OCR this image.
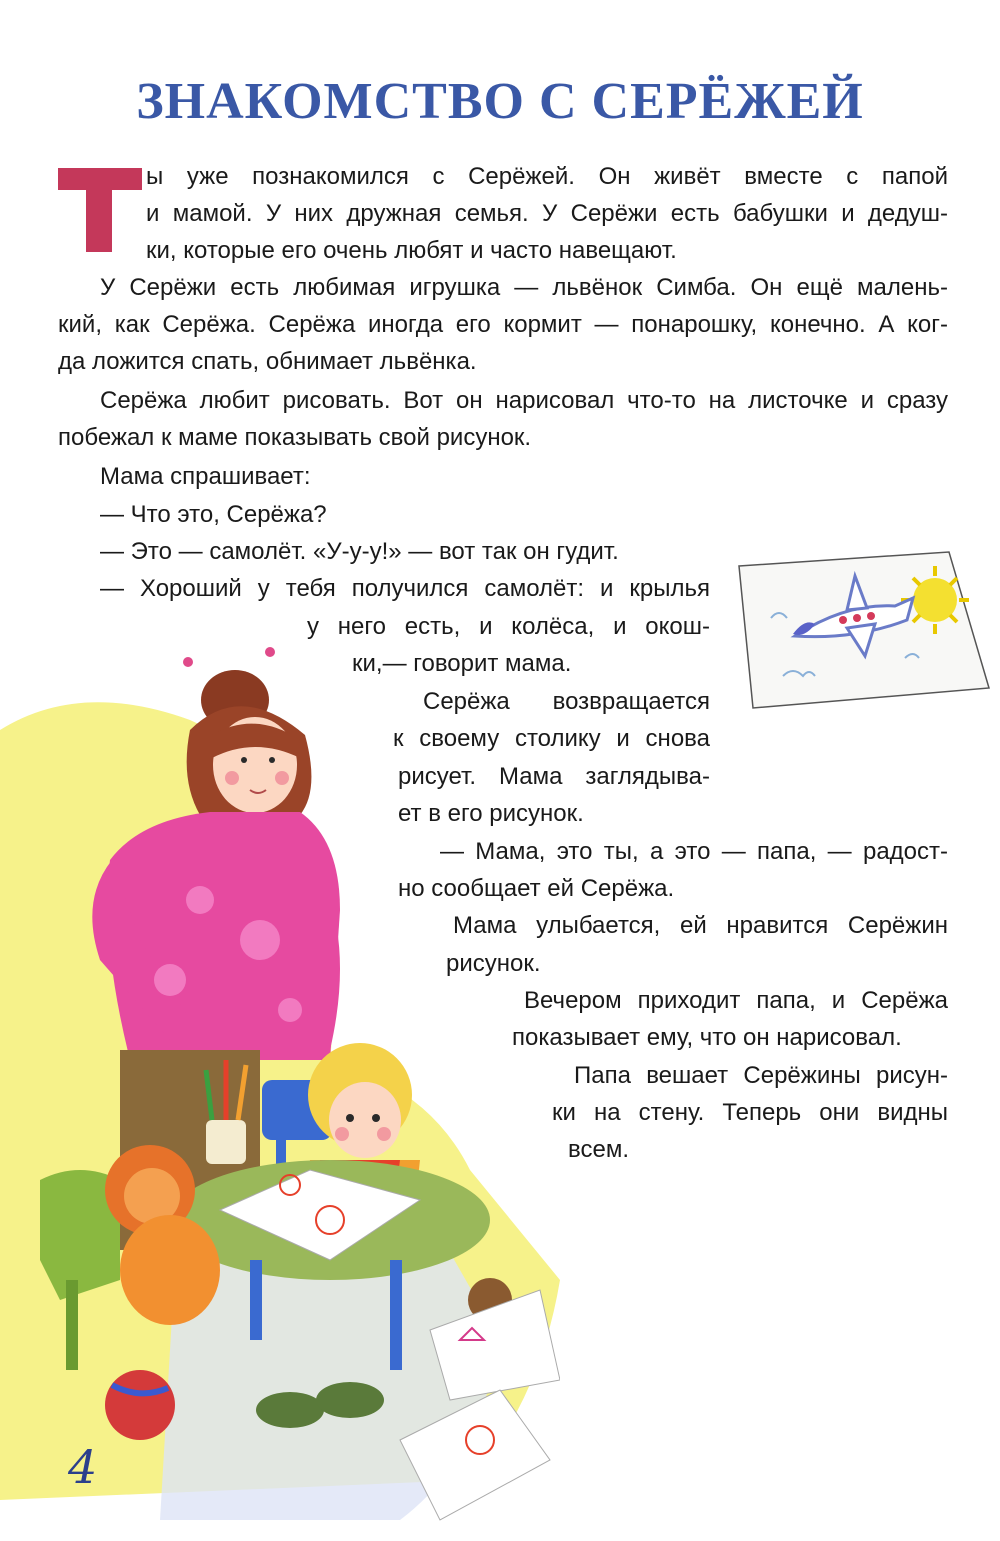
ЗНАКОМСТВО С СЕРЁЖЕЙ

ы уже познакомился с Серёжей. Он живёт вместе с папой

и мамой. У них дружная семья. У Серёжи есть бабушки и дедуш-

ки, которые его очень любят и часто навещают.

У Серёжи есть любимая игрушка — львёнок Симба. Он ещё малень-

кий, как Серёжа. Серёжа иногда его кормит — понарошку, конечно. А ког-

да ложится спать, обнимает львёнка.

Серёжа любит рисовать. Вот он нарисовал что-то на листочке и сразу

побежал к маме показывать свой рисунок.

Мама спрашивает:

— Что это, Серёжа?

— Это — самолёт. «У-у-у!» — вот так он гудит.

— Хороший у тебя получился самолёт: и крылья

у него есть, и колёса, и окош-

ки,— говорит мама.

Серёжа возвращается

к своему столику и снова

рисует. Мама заглядыва-

ет в его рисунок.

— Мама, это ты, а это — папа, — радост-

но сообщает ей Серёжа.

Мама улыбается, ей нравится Серёжин

рисунок.

Вечером приходит папа, и Серёжа

показывает ему, что он нарисовал.

Папа вешает Серёжины рисун-

ки на стену. Теперь они видны

всем.

4
